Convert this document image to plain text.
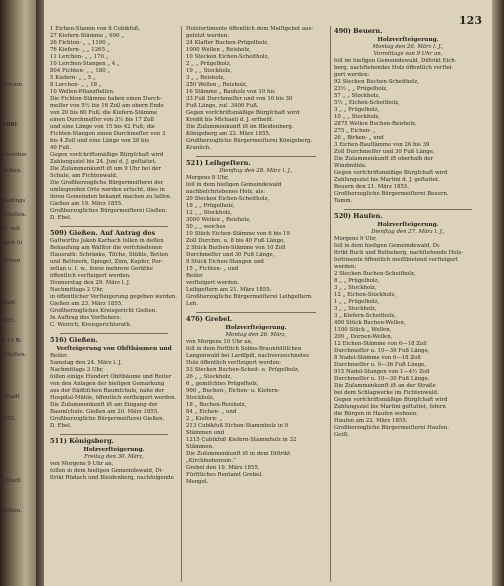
ſpricien
(188)
n werden
Gießen.
Niedings
r Gießen.
ım, mit
rigen ſo
riſchen
Stadt
1855.
ig 11 ℔.
r Gießen.
r Stadt
1855.
ll Stadt
Gießen.
123
1 Eichen-Stamm von 8 Cubikfuß,
27 Kiefern-Stämme „ 690 „
26 Fichten- „ „ 1190 „
76 Kiefern- „ „ 1265 „
11 Lerchen- „ „ 170 „
10 Lerchen-Stangen „ 4 „
804 Fichten- „ „ 180 „
5 Kiefern- „ „ 5 „
8 Lerchen- „ „ 18 „
10 Wellen-Pflanzſtellen.
Die Fichten-Stämme haben einen Durch-
meſſer von 5½ bis 16 Zoll am obern Ende
von 20 bis 60 Fuß; die Kiefern-Stämme
einen Durchmeſſer von 3½ bis 17 Zoll
und eine Länge von 15 bis 42 Fuß; die
Fichten-Stangen einen Durchmeſſer von 3
bis 4 Zoll und eine Länge von 20 bis
40 Fuß.
Gegen vorſchriftsmäßige Bürgſchaft wird
Zahlungsziel bis 24. Juni d. J. geſtattet.
Die Zuſammenkunft iſt um 9 Uhr bei der
Schule, am Fichtenwald.
Die Großherzogliche Bürgermeiſterei der
umliegenden Orte werden erſucht, dies in
ihren Gemeinden bekannt machen zu laſſen.
Gießen am 19. März 1855.
Großherzogliches Bürgermeiſterei Gießen.
D. Ebel.
509) Gießen. Auf Antrag des
Gaſtwirths Jakob Karbach ſollen in deſſen
Behauſung am Walltor die verſchiedenen
Hausrath: Schränke, Tiſche, Stühle, Betten
und Bettwerk, Spiegel, Zinn, Kupfer, Por-
zellan u. ſ. w., ſowie mehrere Geräthe
öffentlich verſteigert werden.
Donnerstag den 29. März l. J.
Nachmittags 2 Uhr,
in öffentlicher Verſteigerung gegeben werden.
Gießen am 23. März 1855.
Großherzogliches Kreisgericht Gießen.
In Auftrag des Vorſtehers.
C. Weirich, Kreisgerichtsrath.
516) Gießen.
Verſteigerung von Obſtbäumen und
Reiſer.
Samstag den 24. März l. J.
Nachmittags 3 Uhr,
ſollen einige Hundert Obſtbäume und Reiſer
von den Anlagen der hieſigen Gemarkung
aus der ſtädtiſchen Baumſchule, nahe der
Hospital-Mühle, öffentlich verſteigert werden.
Die Zuſammenkunft iſt am Eingang der
Baumſchule. Gießen am 20. März 1855.
Großherzogliche Bürgermeiſterei Gießen.
D. Ebel.
511) Königsberg.
Holzverſteigerung.
Freitag den 30. März,
von Morgens 9 Uhr an,
ſollen in dem hieſigen Gemeindewald, Di-
ſtrikt Rüdach und Bleidenberg, nachfolgende
Holzſortimente öffentlich dem Meiſtgebot aus-
geſetzt werden:
24 Klafter Buchen-Prügelholz,
1000 Wellen „ Reisholz,
10 Stecken Eichen-Scheitholz,
2 „ „ Prügelholz,
19 „ „ Stockholz,
3 „ „ Reisholz,
250 Wellen „ Reisholz,
16 Stämme „ Bauholz von 10 bis
33 Fuß Durchmeſſer und von 10 bis 30
Fuß Länge, zuſ. 3400 Fuß.
Gegen vorſchriftsmäßige Bürgſchaft wird
Kredit bis Michaeli d. J. ertheilt.
Die Zuſammenkunft iſt im Bleidenberg.
Königsberg am 22. März 1855.
Großherzogliche Bürgermeiſterei Königsberg.
Kranlich.
521) Leihgeſtern.
Dienſtag den 28. März l. J.,
Morgens 8 Uhr,
ſoll in dem hieſigen Gemeindewald
nachbeſchriebenes Holz, als:
20 Stecken Eichen-Scheitholz,
18 „ „ Prügelholz,
12 „ „ Stockholz,
3000 Wellen „ Reisholz,
50 „ „ weiches
10 Stück Eichen-Stämme von 6 bis 19
Zoll Durchm. u. 8 bis 40 Fuß Länge,
2 Stück Buchen-Stämme von 10 Zoll
Durchmeſſer und 30 Fuß Länge,
9 Stück Eichen-Stangen und
15 „ Fichten- „ und
Reiſer
verſteigert werden.
Leihgeſtern am 21. März 1855.
Großherzogliche Bürgermeiſterei Leihgeſtern.
Leh.
476) Grebel.
Holzverſteigerung.
Montag den 26. März,
von Morgens 10 Uhr an,
ſoll in dem fürſtlich Solms-Braunfelſiſchen
Langenwald bei Lardſpill, nachverzeichnetes
Holz öffentlich verſteigert werden:
53 Stecken Buchen-Scheit- u. Prügelholz,
26 „ „ Stockholz,
6 „ gemiſchtes Prügelholz,
900 „ Buchen-, Eichen- u. Kiefern-
Stockholz,
18 „ Buchen-Reisholz,
84 „ Eichen- „ und
2 „ Kiefern- „
213 Cubikfuß Eichen-Stammholz in 9
Stämmen und
1215 Cubikfuß Kiefern-Stammholz in 32
Stämmen.
Die Zuſammenkunft iſt in dem Diſtrikt
„Kirchbodenrain.“
Grebel den 19. März 1855.
Fürſtliches Rentamt Grebel.
Mengel.
490) Beuern.
Holzverſteigerung.
Montag den 26. März l. J.,
Vormittags von 9 Uhr an,
ſoll im hieſigen Gemeindewald, Diſtrikt Eich-
berg, nachſtehendes Holz öffentlich verſtei-
gert werden:
92 Stecken Buchen-Scheitholz,
23½ „ „ Prügelholz,
57 „ „ Stockholz,
5½ „ Eichen-Scheitholz,
3 „ „ Prügelholz,
10 „ „ Stockholz,
2875 Wellen Buchen-Reisholz,
275 „ Eichen- „
26 „ Birken- „ und
3 Eichen-Bauſtämme von 26 bis 39
Zoll Durchmeſſer und 30 Fuß Länge.
Die Zuſammenkunft iſt oberhalb der
Windmühle.
Gegen vorſchriftsmäßige Bürgſchaft wird
Zahlungsziel bis Martini d. J. geſtattet.
Beuern den 21. März 1855.
Großherzogliche Bürgermeiſterei Beuern.
Tamm.
520) Hauſen.
Holzverſteigerung.
Dienſtag den 27. März l. J.,
Morgens 9 Uhr,
ſoll in dem hieſigen Gemeindewald, Di-
ſtrikt Buch und Rotheberg, nachſtehende Holz-
ſortimente öffentlich meiſtbietend verſteigert
werden:
2 Stecken Buchen-Scheitholz,
8 „ „ Prügelholz,
3 „ „ Stockholz,
12 „ Eichen-Stockholz,
1 „ „ Prügelholz,
3 „ „ Stockholz,
3 „ Kiefern-Scheitholz,
400 Stück Buchen-Wellen,
1100 Stück „ Wellen,
200 „ Dornen-Wellen,
12 Eichen-Stämme von 6—18 Zoll
Durchmeſſer u. 10—36 Fuß Länge,
8 Nadel-Stämme von 6—18 Zoll
Durchmeſſer u. 9—36 Fuß Länge,
915 Nadel-Stangen von 1—4½ Zoll
Durchmeſſer u. 10—30 Fuß Länge.
Die Zuſammenkunft iſt an der Straße
bei dem Schlagwerke im Fichtenwald.
Gegen vorſchriftsmäßige Bürgſchaft wird
Zahlungsziel bis Martini geſtattet, ſofern
die Bürgen in Hauſen wohnen.
Hauſen am 22. März 1855.
Großherzogliche Bürgermeiſterei Hauſen.
Geiſt.
